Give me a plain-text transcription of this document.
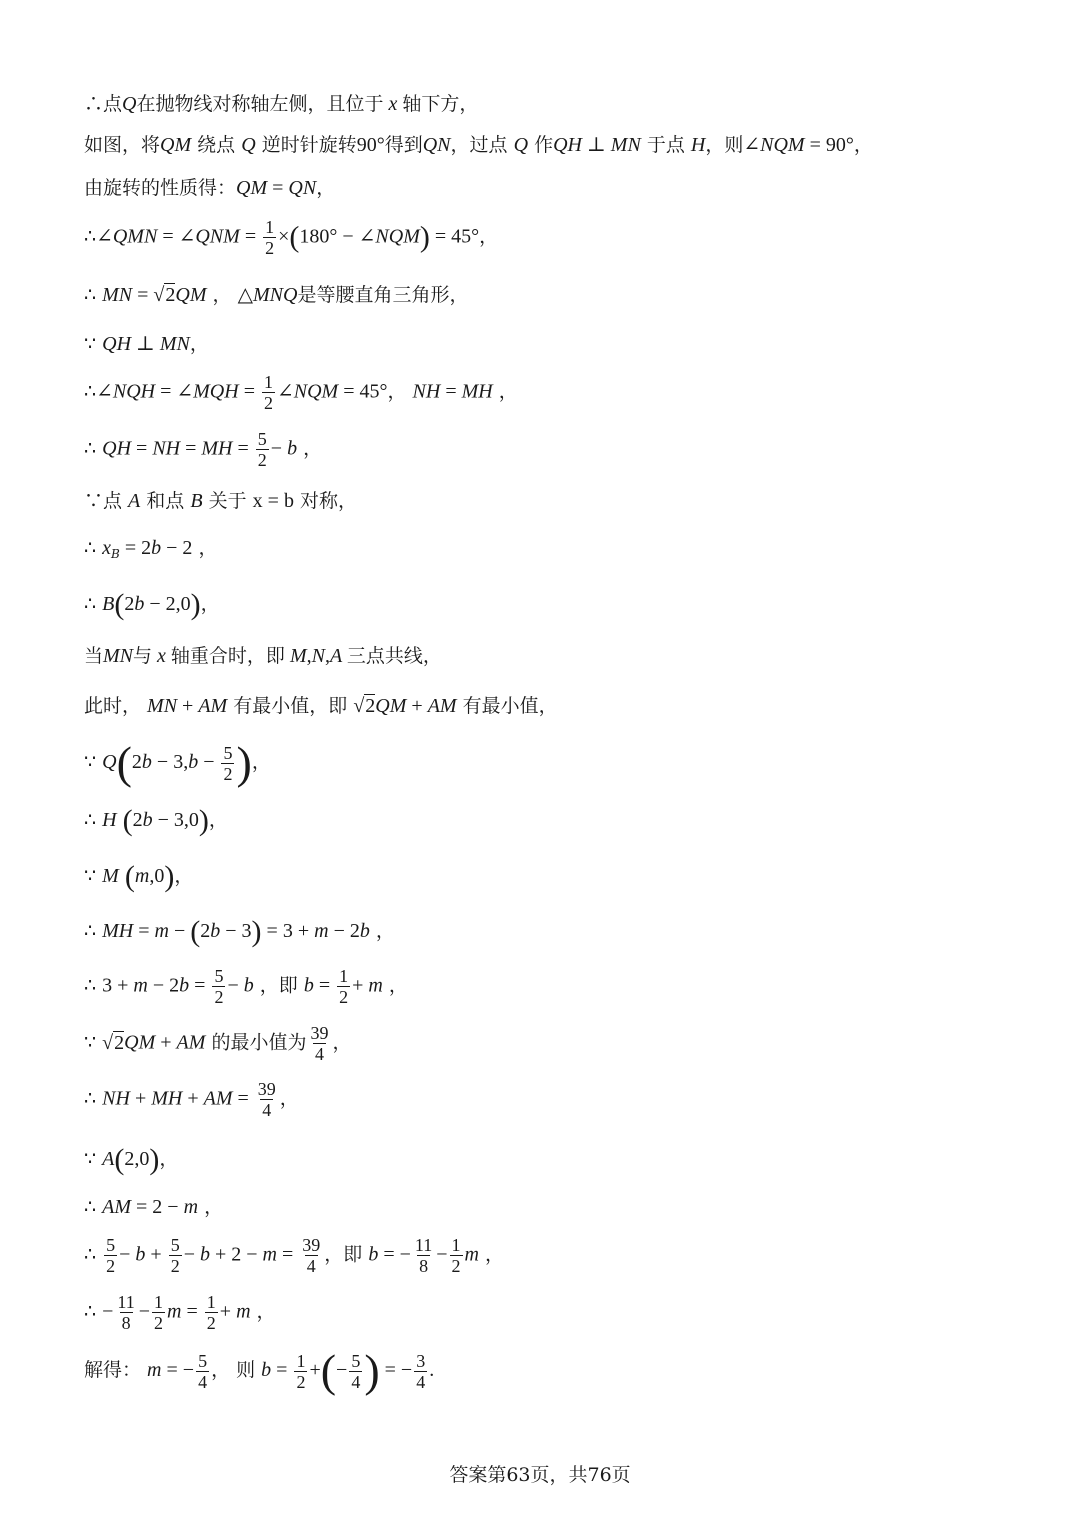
∴点Q在抛物线对称轴左侧，且位于 x 轴下方，
如图，将QM 绕点 Q 逆时针旋转90°得到QN，过点 Q 作QH ⊥ MN 于点 H，则∠NQM = 90°，
由旋转的性质得：QM = QN，
∴∠QMN = ∠QNM = $\frac{1}{2} \times(180^\circ$ − ∠NQM) = 45°，
∴ MN = √2QM ， △MNQ是等腰直角三角形，
∵ QH ⊥ MN，
∴∠NQH = ∠MQH = $\frac{1}{2}$ ∠NQM = 45°， NH = MH ，
∴ QH = NH = MH = $\frac{5}{2} - b$ ，
∵点 A 和点 B 关于 x = b 对称，
∴ $x_B = 2b - 2$ ，
∴ B(2b − 2,0)，
当MN与 x 轴重合时，即 M,N,A 三点共线，
此时， MN + AM 有最小值，即 √2QM + AM 有最小值，
∵ $Q(2b - 3,b - \frac{5}{2}$ )，
∴ H (2b − 3,0)，
∵ M (m,0)，
∴ MH = m − (2b − 3) = 3 + m − 2b ，
∴ $3 + m - 2b = \frac{5}{2} - b$ ，即 $b = \frac{1}{2} + m$ ，
∵ √2QM + AM 的最小值为 $\frac{39}{4}$ ，
∴ NH + MH + AM = $\frac{39}{4}$ ，
∵ A(2,0)，
∴ AM = 2 − m ，
∴ $\frac{5}{2} - b + \frac{5}{2} - b + 2 - m = \frac{39}{4}$ ，即 b = − $\frac{11}{8} - \frac{1}{2}$ m ，
∴ − $\frac{11}{8} - \frac{1}{2}$ $m = \frac{1}{2} + m$ ，
解得： m = − $\frac{5}{4}$ ， 则 $b = \frac{1}{2}$ +(− $\frac{5}{4}$ ) = − $\frac{3}{4}$ .
答案第63页，共76页
